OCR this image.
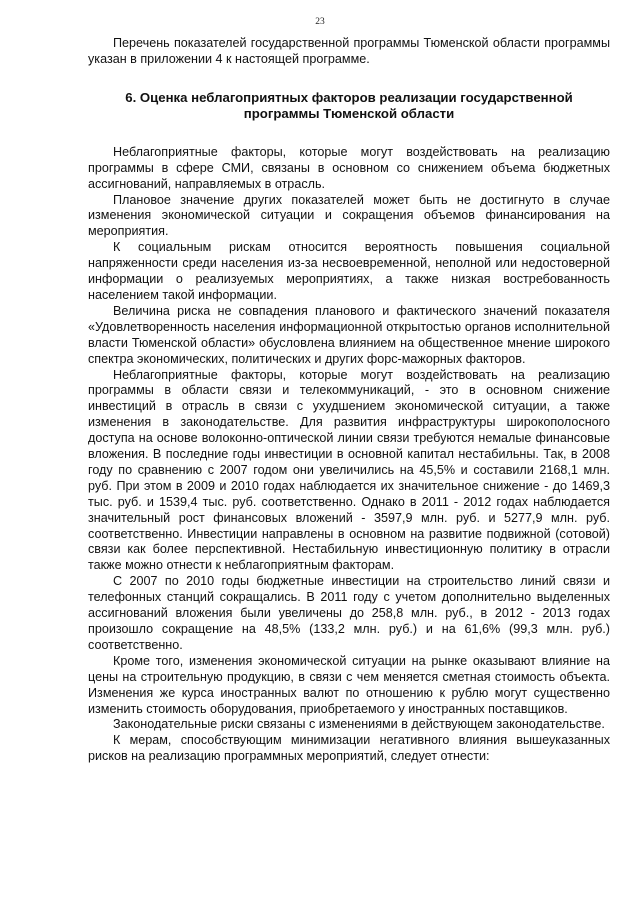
23

Перечень показателей государственной программы Тюменской области программы указан в приложении 4 к настоящей программе.

6. Оценка неблагоприятных факторов реализации государственной программы Тюменской области

Неблагоприятные факторы, которые могут воздействовать на реализацию программы в сфере СМИ, связаны в основном со снижением объема бюджетных ассигнований, направляемых в отрасль.

Плановое значение других показателей может быть не достигнуто в случае изменения экономической ситуации и сокращения объемов финансирования на мероприятия.

К социальным рискам относится вероятность повышения социальной напряженности среди населения из-за несвоевременной, неполной или недостоверной информации о реализуемых мероприятиях, а также низкая востребованность населением такой информации.

Величина риска не совпадения планового и фактического значений показателя «Удовлетворенность населения информационной открытостью органов исполнительной власти Тюменской области» обусловлена влиянием на общественное мнение широкого спектра экономических, политических и других форс-мажорных факторов.

Неблагоприятные факторы, которые могут воздействовать на реализацию программы в области связи и телекоммуникаций, - это в основном снижение инвестиций в отрасль в связи с ухудшением экономической ситуации, а также изменения в законодательстве. Для развития инфраструктуры широкополосного доступа на основе волоконно-оптической линии связи требуются немалые финансовые вложения. В последние годы инвестиции в основной капитал нестабильны. Так, в 2008 году по сравнению с 2007 годом они увеличились на 45,5% и составили 2168,1 млн. руб. При этом в 2009 и 2010 годах наблюдается их значительное снижение - до 1469,3 тыс. руб. и 1539,4 тыс. руб. соответственно. Однако в 2011 - 2012 годах наблюдается значительный рост финансовых вложений - 3597,9 млн. руб. и 5277,9 млн. руб. соответственно. Инвестиции направлены в основном на развитие подвижной (сотовой) связи как более перспективной. Нестабильную инвестиционную политику в отрасли также можно отнести к неблагоприятным факторам.

С 2007 по 2010 годы бюджетные инвестиции на строительство линий связи и телефонных станций сокращались. В 2011 году с учетом дополнительно выделенных ассигнований вложения были увеличены до 258,8 млн. руб., в 2012 - 2013 годах произошло сокращение на 48,5% (133,2 млн. руб.) и на 61,6% (99,3 млн. руб.) соответственно.

Кроме того, изменения экономической ситуации на рынке оказывают влияние на цены на строительную продукцию, в связи с чем меняется сметная стоимость объекта. Изменения же курса иностранных валют по отношению к рублю могут существенно изменить стоимость оборудования, приобретаемого у иностранных поставщиков.

Законодательные риски связаны с изменениями в действующем законодательстве.

К мерам, способствующим минимизации негативного влияния вышеуказанных рисков на реализацию программных мероприятий, следует отнести:
